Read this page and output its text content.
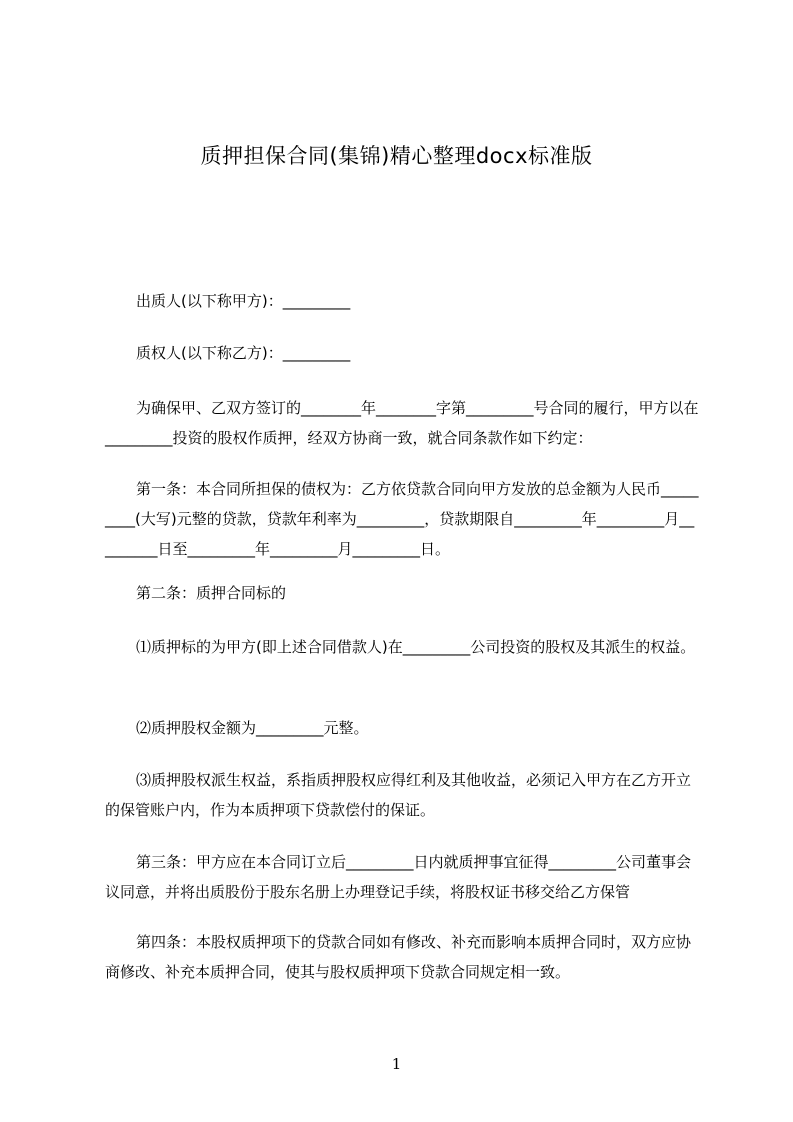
质押担保合同(集锦)精心整理docx标准版
出质人(以下称甲方)：_________
质权人(以下称乙方)：_________
为确保甲、乙双方签订的________年________字第_________号合同的履行，甲方以在_________投资的股权作质押，经双方协商一致，就合同条款作如下约定：
第一条：本合同所担保的债权为：乙方依贷款合同向甲方发放的总金额为人民币_________(大写)元整的贷款，贷款年利率为_________，贷款期限自_________年_________月_________日至_________年_________月_________日。
第二条：质押合同标的
⑴质押标的为甲方(即上述合同借款人)在_________公司投资的股权及其派生的权益。
⑵质押股权金额为_________元整。
⑶质押股权派生权益，系指质押股权应得红利及其他收益，必须记入甲方在乙方开立的保管账户内，作为本质押项下贷款偿付的保证。
第三条：甲方应在本合同订立后_________日内就质押事宜征得_________公司董事会议同意，并将出质股份于股东名册上办理登记手续，将股权证书移交给乙方保管
第四条：本股权质押项下的贷款合同如有修改、补充而影响本质押合同时，双方应协商修改、补充本质押合同，使其与股权质押项下贷款合同规定相一致。
1
